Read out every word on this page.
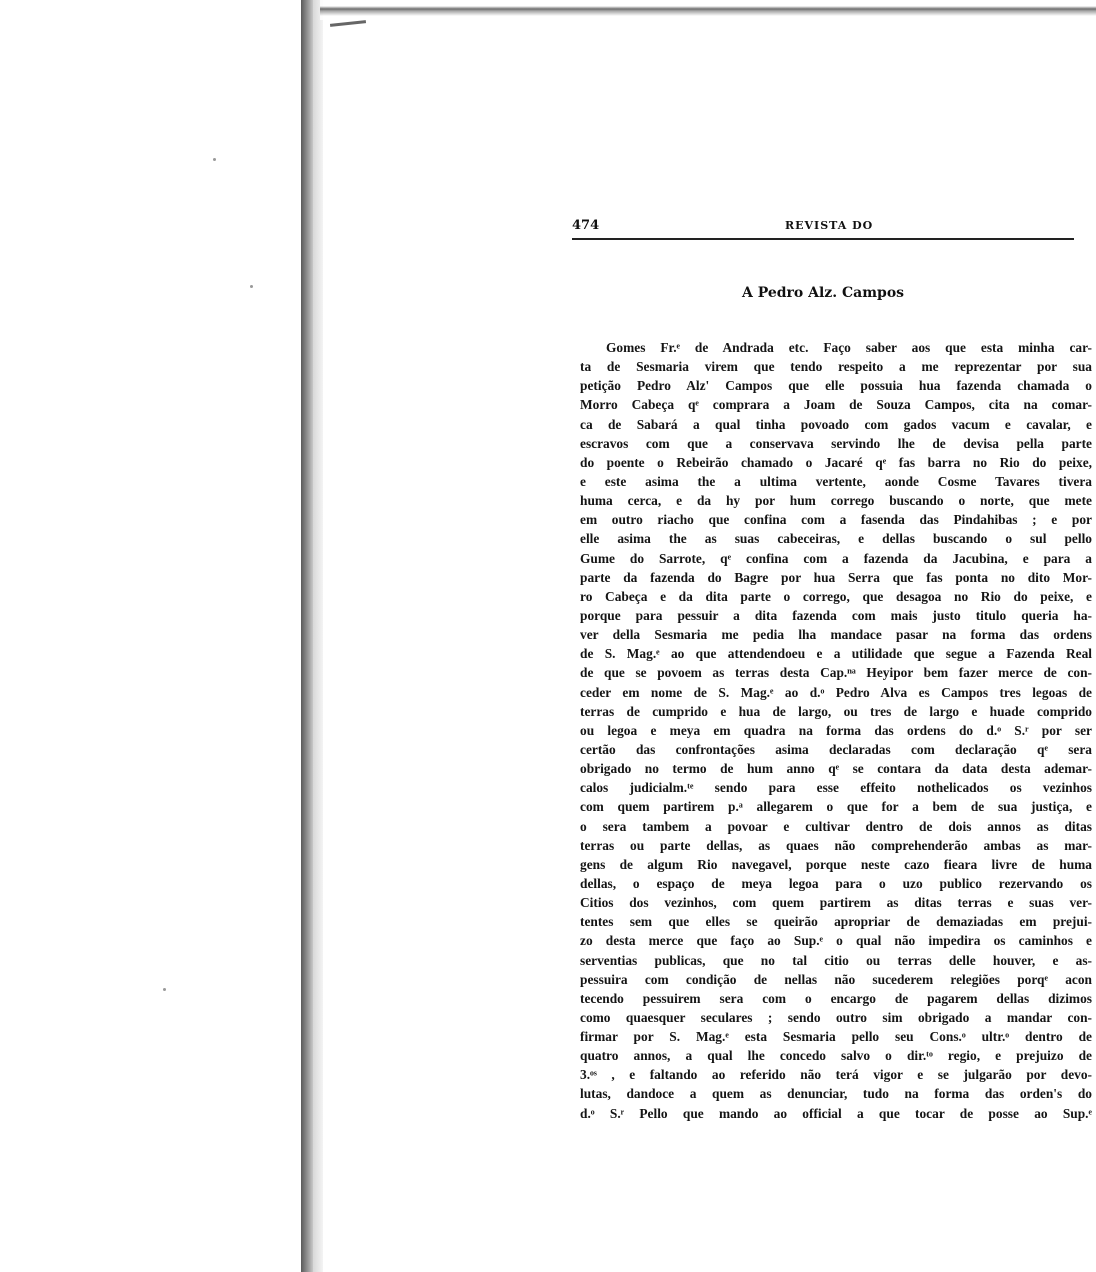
474	REVISTA DO
A Pedro Alz. Campos
Gomes Fr.ᵉ de Andrada etc. Faço saber aos que esta minha car-
ta de Sesmaria virem que tendo respeito a me reprezentar por sua
petição Pedro Alz' Campos que elle possuia hua fazenda chamada o
Morro Cabeça qᵉ comprara a Joam de Souza Campos, cita na comar-
ca de Sabará a qual tinha povoado com gados vacum e cavalar, e
escravos com que a conservava servindo lhe de devisa pella parte
do poente o Rebeirão chamado o Jacaré qᵉ fas barra no Rio do peixe,
e este asima the a ultima vertente, aonde Cosme Tavares tivera
huma cerca, e da hy por hum corrego buscando o norte, que mete
em outro riacho que confina com a fasenda das Pindahibas ; e por
elle asima the as suas cabeceiras, e dellas buscando o sul pello
Gume do Sarrote, qᵉ confina com a fazenda da Jacubina, e para a
parte da fazenda do Bagre por hua Serra que fas ponta no dito Mor-
ro Cabeça e da dita parte o corrego, que desagoa no Rio do peixe, e
porque para pessuir a dita fazenda com mais justo titulo queria ha-
ver della Sesmaria me pedia lha mandace pasar na forma das ordens
de S. Mag.ᵉ ao que attendendoeu e a utilidade que segue a Fazenda Real
de que se povoem as terras desta Cap.ⁿᵃ Heyipor bem fazer merce de con-
ceder em nome de S. Mag.ᵉ ao d.ᵒ Pedro Alva es Campos tres legoas de
terras de cumprido e hua de largo, ou tres de largo e huade comprido
ou legoa e meya em quadra na forma das ordens do d.ᵒ S.ʳ por ser
certão das confrontações asima declaradas com declaração qᵉ sera
obrigado no termo de hum anno qᵉ se contara da data desta ademar-
calos judicialm.ᵗᵉ sendo para esse effeito nothelicados os vezinhos
com quem partirem p.ᵃ allegarem o que for a bem de sua justiça, e
o sera tambem a povoar e cultivar dentro de dois annos as ditas
terras ou parte dellas, as quaes não comprehenderão ambas as mar-
gens de algum Rio navegavel, porque neste cazo fieara livre de huma
dellas, o espaço de meya legoa para o uzo publico rezervando os
Citios dos vezinhos, com quem partirem as ditas terras e suas ver-
tentes sem que elles se queirão apropriar de demaziadas em prejui-
zo desta merce que faço ao Sup.ᵉ o qual não impedira os caminhos e
serventias publicas, que no tal citio ou terras delle houver, e as-
pessuira com condição de nellas não sucederem relegiões porqᵉ acon
tecendo pessuirem sera com o encargo de pagarem dellas dizimos
como quaesquer seculares ; sendo outro sim obrigado a mandar con-
firmar por S. Mag.ᵉ esta Sesmaria pello seu Cons.ᵒ ultr.ᵒ dentro de
quatro annos, a qual lhe concedo salvo o dir.ᵗᵒ regio, e prejuizo de
3.ᵒˢ , e faltando ao referido não terá vigor e se julgarão por devo-
lutas, dandoce a quem as denunciar, tudo na forma das orden's do
d.ᵒ S.ʳ Pello que mando ao official a que tocar de posse ao Sup.ᵉ
